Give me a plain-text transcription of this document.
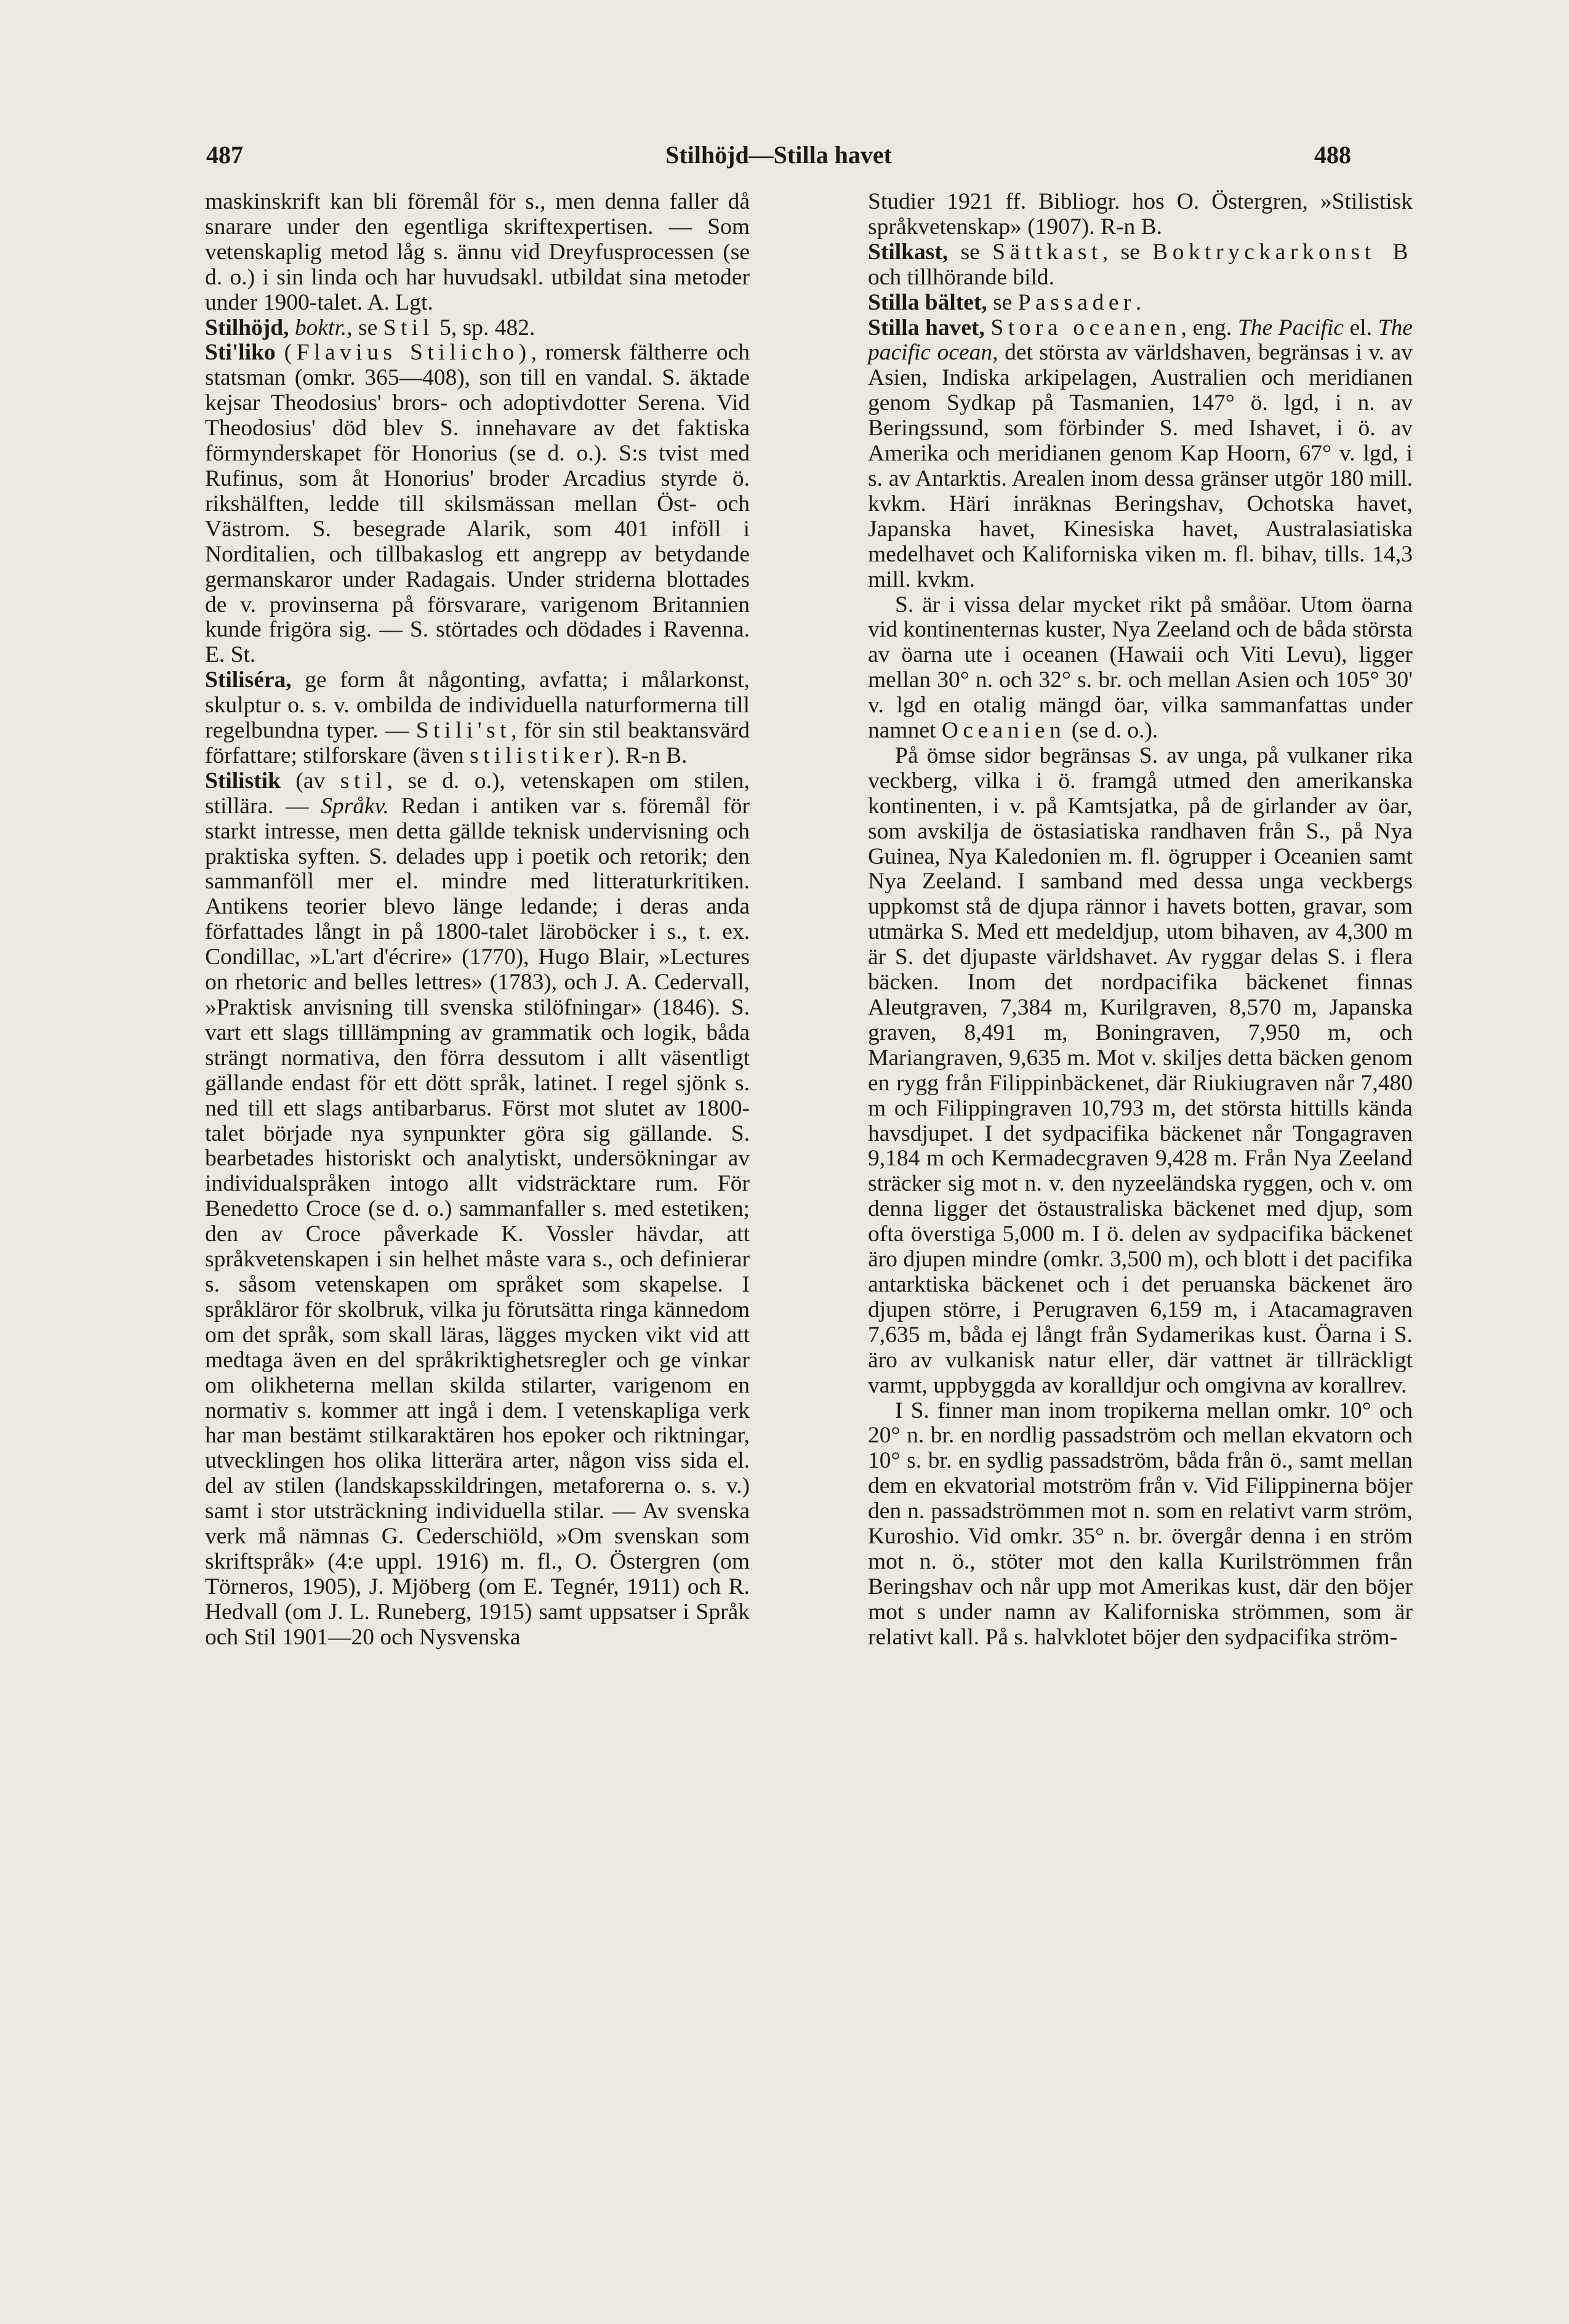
487	Stilhöjd—Stilla havet	488

maskinskrift kan bli föremål för s., men denna faller då snarare under den egentliga skriftexpertisen. — Som vetenskaplig metod låg s. ännu vid Dreyfusprocessen (se d. o.) i sin linda och har huvudsakl. utbildat sina metoder under 1900-talet. A. Lgt.

Stilhöjd, boktr., se Stil 5, sp. 482.

Sti'liko (Flavius Stilicho), romersk fältherre och statsman (omkr. 365—408), son till en vandal. S. äktade kejsar Theodosius' brors- och adoptivdotter Serena. Vid Theodosius' död blev S. innehavare av det faktiska förmynderskapet för Honorius (se d. o.). S:s tvist med Rufinus, som åt Honorius' broder Arcadius styrde ö. rikshälften, ledde till skilsmässan mellan Öst- och Västrom. S. besegrade Alarik, som 401 inföll i Norditalien, och tillbakaslog ett angrepp av betydande germanskaror under Radagais. Under striderna blottades de v. provinserna på försvarare, varigenom Britannien kunde frigöra sig. — S. störtades och dödades i Ravenna. E. St.

Stiliséra, ge form åt någonting, avfatta; i målarkonst, skulptur o. s. v. ombilda de individuella naturformerna till regelbundna typer. — Stili'st, för sin stil beaktansvärd författare; stilforskare (även stilistiker). R-n B.

Stilistik (av stil, se d. o.), vetenskapen om stilen, stillära. — Språkv. Redan i antiken var s. föremål för starkt intresse, men detta gällde teknisk undervisning och praktiska syften. S. delades upp i poetik och retorik; den sammanföll mer el. mindre med litteraturkritiken. Antikens teorier blevo länge ledande; i deras anda författades långt in på 1800-talet läroböcker i s., t. ex. Condillac, »L'art d'écrire» (1770), Hugo Blair, »Lectures on rhetoric and belles lettres» (1783), och J. A. Cedervall, »Praktisk anvisning till svenska stilöfningar» (1846). S. vart ett slags tilllämpning av grammatik och logik, båda strängt normativa, den förra dessutom i allt väsentligt gällande endast för ett dött språk, latinet. I regel sjönk s. ned till ett slags antibarbarus. Först mot slutet av 1800-talet började nya synpunkter göra sig gällande. S. bearbetades historiskt och analytiskt, undersökningar av individualspråken intogo allt vidsträcktare rum. För Benedetto Croce (se d. o.) sammanfaller s. med estetiken; den av Croce påverkade K. Vossler hävdar, att språkvetenskapen i sin helhet måste vara s., och definierar s. såsom vetenskapen om språket som skapelse. I språkläror för skolbruk, vilka ju förutsätta ringa kännedom om det språk, som skall läras, lägges mycken vikt vid att medtaga även en del språkriktighetsregler och ge vinkar om olikheterna mellan skilda stilarter, varigenom en normativ s. kommer att ingå i dem. I vetenskapliga verk har man bestämt stilkaraktären hos epoker och riktningar, utvecklingen hos olika litterära arter, någon viss sida el. del av stilen (landskapsskildringen, metaforerna o. s. v.) samt i stor utsträckning individuella stilar. — Av svenska verk må nämnas G. Cederschiöld, »Om svenskan som skriftspråk» (4:e uppl. 1916) m. fl., O. Östergren (om Törneros, 1905), J. Mjöberg (om E. Tegnér, 1911) och R. Hedvall (om J. L. Runeberg, 1915) samt uppsatser i Språk och Stil 1901—20 och Nysvenska

Studier 1921 ff. Bibliogr. hos O. Östergren, »Stilistisk språkvetenskap» (1907). R-n B.

Stilkast, se Sättkast, se Boktryckarkonst B och tillhörande bild.

Stilla bältet, se Passader.

Stilla havet, Stora oceanen, eng. The Pacific el. The pacific ocean, det största av världshaven, begränsas i v. av Asien, Indiska arkipelagen, Australien och meridianen genom Sydkap på Tasmanien, 147° ö. lgd, i n. av Beringssund, som förbinder S. med Ishavet, i ö. av Amerika och meridianen genom Kap Hoorn, 67° v. lgd, i s. av Antarktis. Arealen inom dessa gränser utgör 180 mill. kvkm. Häri inräknas Beringshav, Ochotska havet, Japanska havet, Kinesiska havet, Australasiatiska medelhavet och Kaliforniska viken m. fl. bihav, tills. 14,3 mill. kvkm.

S. är i vissa delar mycket rikt på småöar. Utom öarna vid kontinenternas kuster, Nya Zeeland och de båda största av öarna ute i oceanen (Hawaii och Viti Levu), ligger mellan 30° n. och 32° s. br. och mellan Asien och 105° 30' v. lgd en otalig mängd öar, vilka sammanfattas under namnet Oceanien (se d. o.).

På ömse sidor begränsas S. av unga, på vulkaner rika veckberg, vilka i ö. framgå utmed den amerikanska kontinenten, i v. på Kamtsjatka, på de girlander av öar, som avskilja de östasiatiska randhaven från S., på Nya Guinea, Nya Kaledonien m. fl. ögrupper i Oceanien samt Nya Zeeland. I samband med dessa unga veckbergs uppkomst stå de djupa rännor i havets botten, gravar, som utmärka S. Med ett medeldjup, utom bihaven, av 4,300 m är S. det djupaste världshavet. Av ryggar delas S. i flera bäcken. Inom det nordpacifika bäckenet finnas Aleutgraven, 7,384 m, Kurilgraven, 8,570 m, Japanska graven, 8,491 m, Boningraven, 7,950 m, och Mariangraven, 9,635 m. Mot v. skiljes detta bäcken genom en rygg från Filippinbäckenet, där Riukiugraven når 7,480 m och Filippingraven 10,793 m, det största hittills kända havsdjupet. I det sydpacifika bäckenet når Tongagraven 9,184 m och Kermadecgraven 9,428 m. Från Nya Zeeland sträcker sig mot n. v. den nyzeeländska ryggen, och v. om denna ligger det östaustraliska bäckenet med djup, som ofta överstiga 5,000 m. I ö. delen av sydpacifika bäckenet äro djupen mindre (omkr. 3,500 m), och blott i det pacifika antarktiska bäckenet och i det peruanska bäckenet äro djupen större, i Perugraven 6,159 m, i Atacamagraven 7,635 m, båda ej långt från Sydamerikas kust. Öarna i S. äro av vulkanisk natur eller, där vattnet är tillräckligt varmt, uppbyggda av koralldjur och omgivna av korallrev.

I S. finner man inom tropikerna mellan omkr. 10° och 20° n. br. en nordlig passadström och mellan ekvatorn och 10° s. br. en sydlig passadström, båda från ö., samt mellan dem en ekvatorial motström från v. Vid Filippinerna böjer den n. passadströmmen mot n. som en relativt varm ström, Kuroshio. Vid omkr. 35° n. br. övergår denna i en ström mot n. ö., stöter mot den kalla Kurilströmmen från Beringshav och når upp mot Amerikas kust, där den böjer mot s under namn av Kaliforniska strömmen, som är relativt kall. På s. halvklotet böjer den sydpacifika ström-
